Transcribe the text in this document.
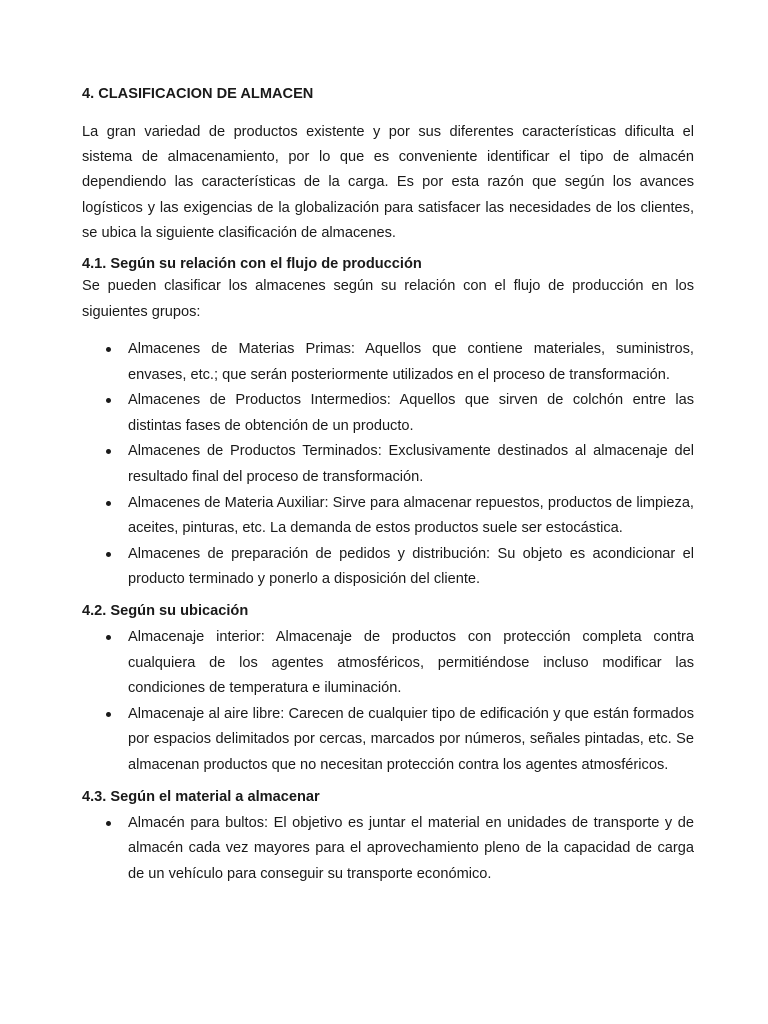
4. CLASIFICACION DE ALMACEN

La gran variedad de productos existente y por sus diferentes características dificulta el sistema de almacenamiento, por lo que es conveniente identificar el tipo de almacén dependiendo las características de la carga. Es por esta razón que según los avances logísticos y las exigencias de la globalización para satisfacer las necesidades de los clientes, se ubica la siguiente clasificación de almacenes.

4.1. Según su relación con el flujo de producción

Se pueden clasificar los almacenes según su relación con el flujo de producción en los siguientes grupos:

Almacenes de Materias Primas: Aquellos que contiene materiales, suministros, envases, etc.; que serán posteriormente utilizados en el proceso de transformación.
Almacenes de Productos Intermedios: Aquellos que sirven de colchón entre las distintas fases de obtención de un producto.
Almacenes de Productos Terminados: Exclusivamente destinados al almacenaje del resultado final del proceso de transformación.
Almacenes de Materia Auxiliar: Sirve para almacenar repuestos, productos de limpieza, aceites, pinturas, etc. La demanda de estos productos suele ser estocástica.
Almacenes de preparación de pedidos y distribución: Su objeto es acondicionar el producto terminado y ponerlo a disposición del cliente.
4.2. Según su ubicación
Almacenaje interior: Almacenaje de productos con protección completa contra cualquiera de los agentes atmosféricos, permitiéndose incluso modificar las condiciones de temperatura e iluminación.
Almacenaje al aire libre: Carecen de cualquier tipo de edificación y que están formados por espacios delimitados por cercas, marcados por números, señales pintadas, etc. Se almacenan productos que no necesitan protección contra los agentes atmosféricos.
4.3. Según el material a almacenar
Almacén para bultos: El objetivo es juntar el material en unidades de transporte y de almacén cada vez mayores para el aprovechamiento pleno de la capacidad de carga de un vehículo para conseguir su transporte económico.
